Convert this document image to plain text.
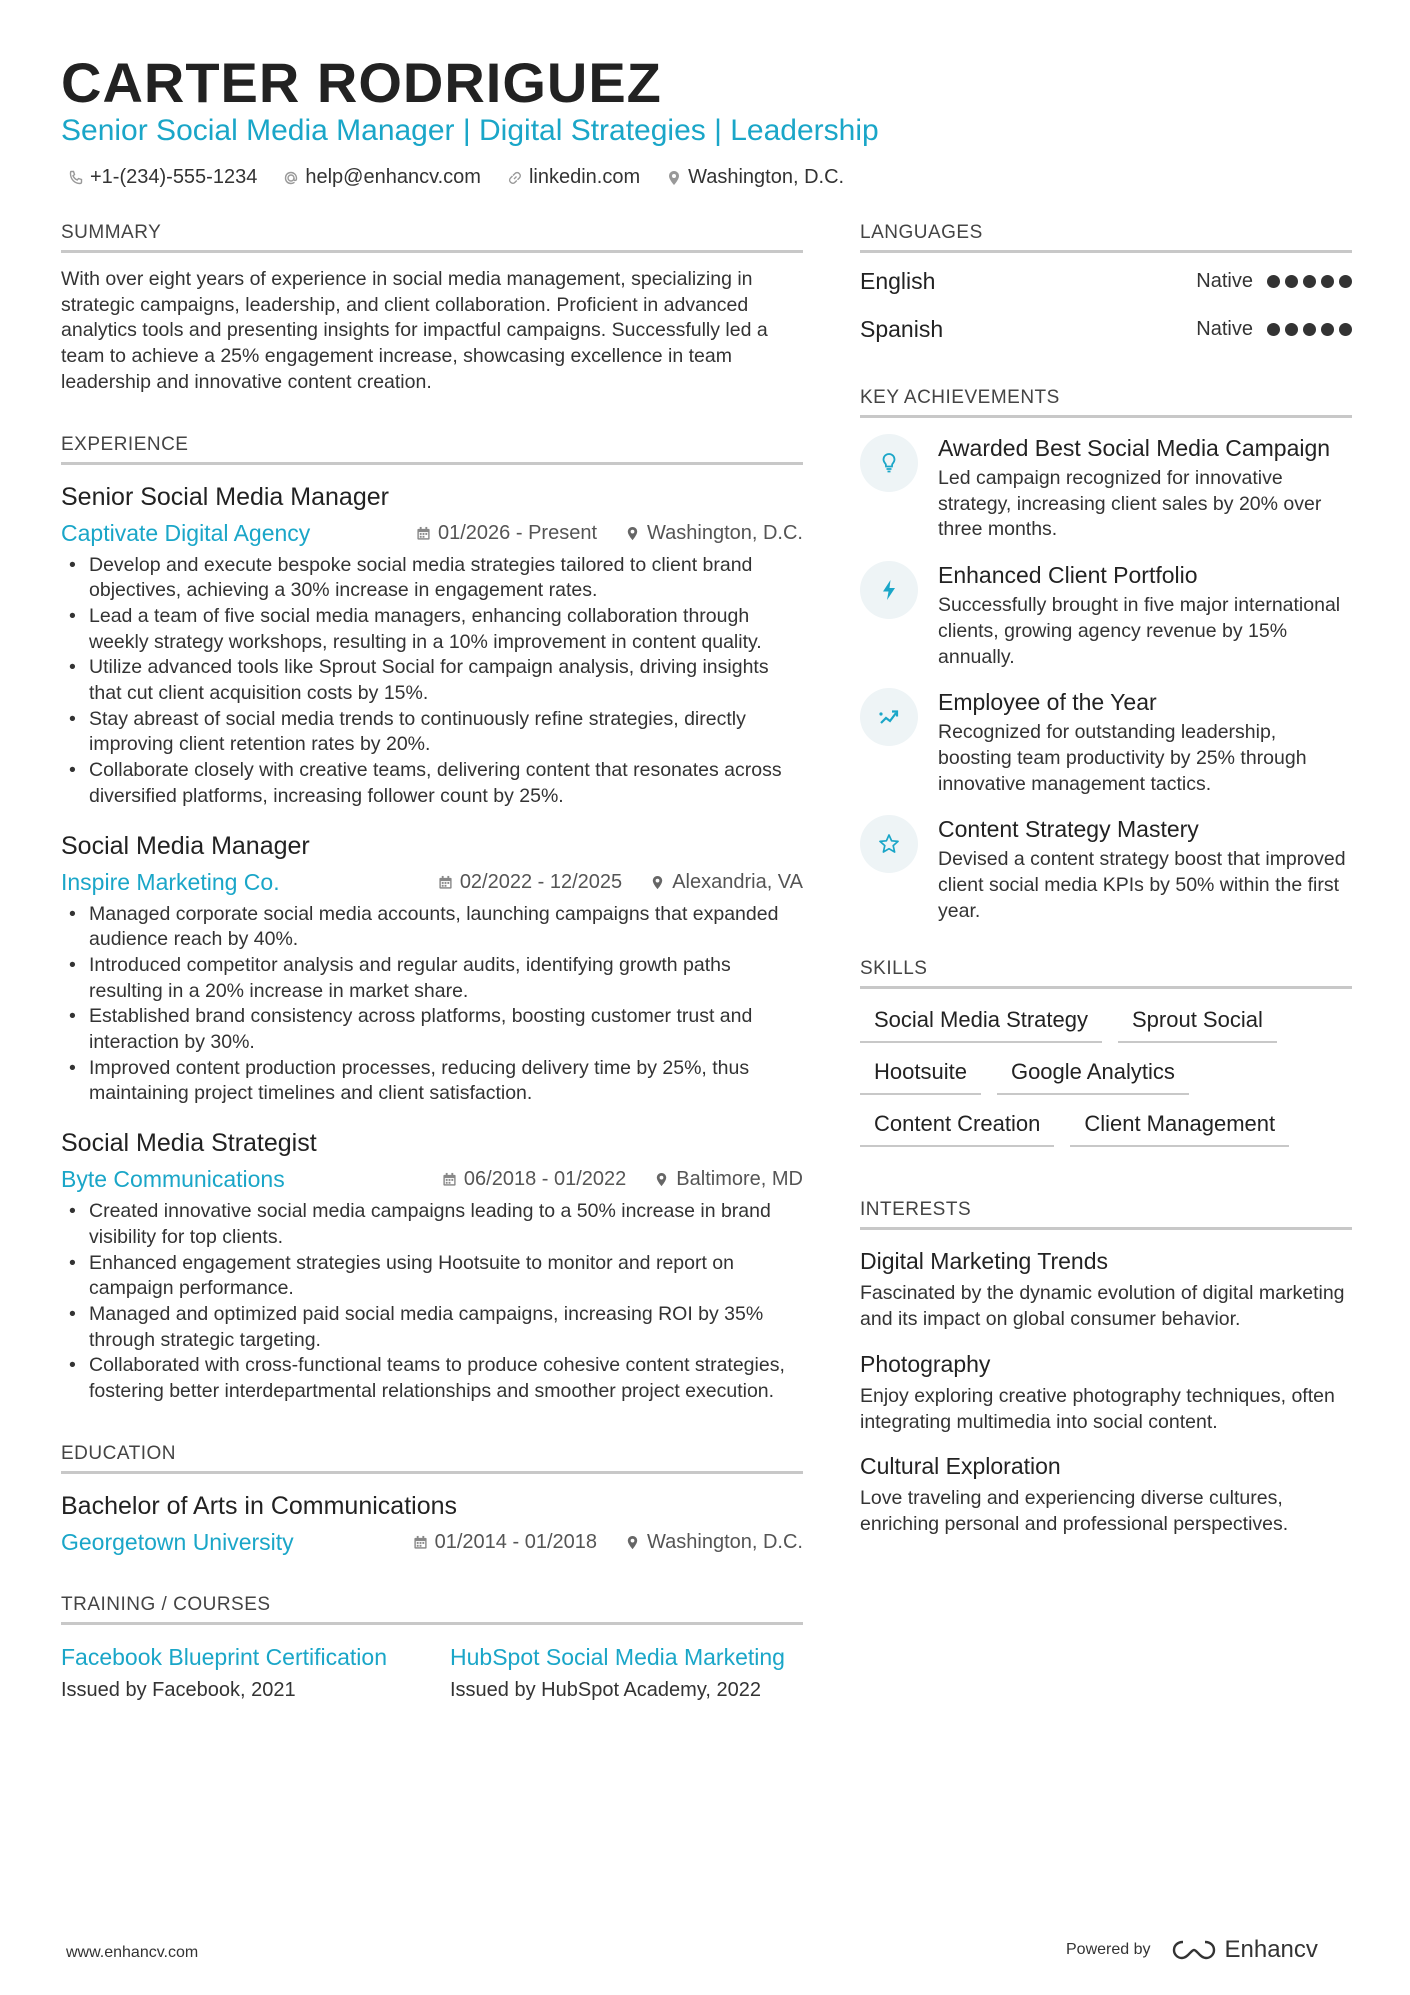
CARTER RODRIGUEZ
Senior Social Media Manager | Digital Strategies | Leadership
+1-(234)-555-1234 help@enhancv.com linkedin.com Washington, D.C.
SUMMARY
With over eight years of experience in social media management, specializing in strategic campaigns, leadership, and client collaboration. Proficient in advanced analytics tools and presenting insights for impactful campaigns. Successfully led a team to achieve a 25% engagement increase, showcasing excellence in team leadership and innovative content creation.
EXPERIENCE
Senior Social Media Manager
Captivate Digital Agency	01/2026 - Present	Washington, D.C.
• Develop and execute bespoke social media strategies tailored to client brand objectives, achieving a 30% increase in engagement rates.
• Lead a team of five social media managers, enhancing collaboration through weekly strategy workshops, resulting in a 10% improvement in content quality.
• Utilize advanced tools like Sprout Social for campaign analysis, driving insights that cut client acquisition costs by 15%.
• Stay abreast of social media trends to continuously refine strategies, directly improving client retention rates by 20%.
• Collaborate closely with creative teams, delivering content that resonates across diversified platforms, increasing follower count by 25%.
Social Media Manager
Inspire Marketing Co.	02/2022 - 12/2025	Alexandria, VA
• Managed corporate social media accounts, launching campaigns that expanded audience reach by 40%.
• Introduced competitor analysis and regular audits, identifying growth paths resulting in a 20% increase in market share.
• Established brand consistency across platforms, boosting customer trust and interaction by 30%.
• Improved content production processes, reducing delivery time by 25%, thus maintaining project timelines and client satisfaction.
Social Media Strategist
Byte Communications	06/2018 - 01/2022	Baltimore, MD
• Created innovative social media campaigns leading to a 50% increase in brand visibility for top clients.
• Enhanced engagement strategies using Hootsuite to monitor and report on campaign performance.
• Managed and optimized paid social media campaigns, increasing ROI by 35% through strategic targeting.
• Collaborated with cross-functional teams to produce cohesive content strategies, fostering better interdepartmental relationships and smoother project execution.
EDUCATION
Bachelor of Arts in Communications
Georgetown University	01/2014 - 01/2018	Washington, D.C.
TRAINING / COURSES
Facebook Blueprint Certification
Issued by Facebook, 2021
HubSpot Social Media Marketing
Issued by HubSpot Academy, 2022
LANGUAGES
English	Native
Spanish	Native
KEY ACHIEVEMENTS
Awarded Best Social Media Campaign
Led campaign recognized for innovative strategy, increasing client sales by 20% over three months.
Enhanced Client Portfolio
Successfully brought in five major international clients, growing agency revenue by 15% annually.
Employee of the Year
Recognized for outstanding leadership, boosting team productivity by 25% through innovative management tactics.
Content Strategy Mastery
Devised a content strategy boost that improved client social media KPIs by 50% within the first year.
SKILLS
Social Media Strategy	Sprout Social
Hootsuite	Google Analytics
Content Creation	Client Management
INTERESTS
Digital Marketing Trends
Fascinated by the dynamic evolution of digital marketing and its impact on global consumer behavior.
Photography
Enjoy exploring creative photography techniques, often integrating multimedia into social content.
Cultural Exploration
Love traveling and experiencing diverse cultures, enriching personal and professional perspectives.
www.enhancv.com	Powered by	Enhancv
